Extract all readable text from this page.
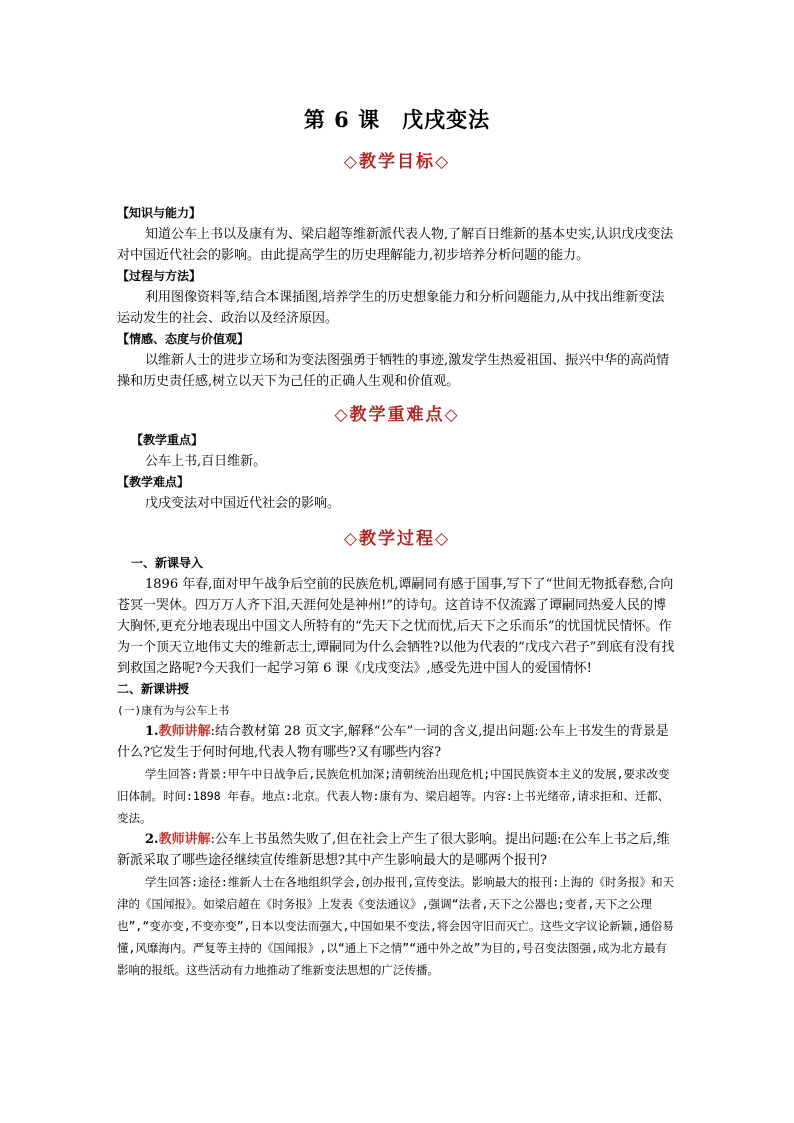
第 6 课　戊戌变法
◇教学目标◇
【知识与能力】

知道公车上书以及康有为、梁启超等维新派代表人物,了解百日维新的基本史实,认识戊戌变法对中国近代社会的影响。由此提高学生的历史理解能力,初步培养分析问题的能力。

【过程与方法】

利用图像资料等,结合本课插图,培养学生的历史想象能力和分析问题能力,从中找出维新变法运动发生的社会、政治以及经济原因。

【情感、态度与价值观】

以维新人士的进步立场和为变法图强勇于牺牲的事迹,激发学生热爱祖国、振兴中华的高尚情操和历史责任感,树立以天下为己任的正确人生观和价值观。

◇教学重难点◇
【教学重点】

公车上书,百日维新。

【教学难点】

戊戌变法对中国近代社会的影响。

◇教学过程◇
一、新课导入

1896 年春,面对甲午战争后空前的民族危机,谭嗣同有感于国事,写下了“世间无物抵春愁,合向苍冥一哭休。四万万人齐下泪,天涯何处是神州!”的诗句。这首诗不仅流露了谭嗣同热爱人民的博大胸怀,更充分地表现出中国文人所特有的“先天下之忧而忧,后天下之乐而乐”的忧国忧民情怀。作为一个顶天立地伟丈夫的维新志士,谭嗣同为什么会牺牲?以他为代表的“戊戌六君子”到底有没有找到救国之路呢?今天我们一起学习第 6 课《戊戌变法》,感受先进中国人的爱国情怀!

二、新课讲授
(一)康有为与公车上书

1.教师讲解:结合教材第 28 页文字,解释“公车”一词的含义,提出问题:公车上书发生的背景是什么?它发生于何时何地,代表人物有哪些?又有哪些内容?

学生回答:背景:甲午中日战争后,民族危机加深;清朝统治出现危机;中国民族资本主义的发展,要求改变旧体制。时间:1898 年春。地点:北京。代表人物:康有为、梁启超等。内容:上书光绪帝,请求拒和、迁都、变法。

2.教师讲解:公车上书虽然失败了,但在社会上产生了很大影响。提出问题:在公车上书之后,维新派采取了哪些途径继续宣传维新思想?其中产生影响最大的是哪两个报刊?

学生回答:途径:维新人士在各地组织学会,创办报刊,宣传变法。影响最大的报刊:上海的《时务报》和天津的《国闻报》。如梁启超在《时务报》上发表《变法通议》,强调“法者,天下之公器也;变者,天下之公理也”,“变亦变,不变亦变”,日本以变法而强大,中国如果不变法,将会因守旧而灭亡。这些文字议论新颖,通俗易懂,风靡海内。严复等主持的《国闻报》,以“通上下之情”“通中外之故”为目的,号召变法图强,成为北方最有影响的报纸。这些活动有力地推动了维新变法思想的广泛传播。
